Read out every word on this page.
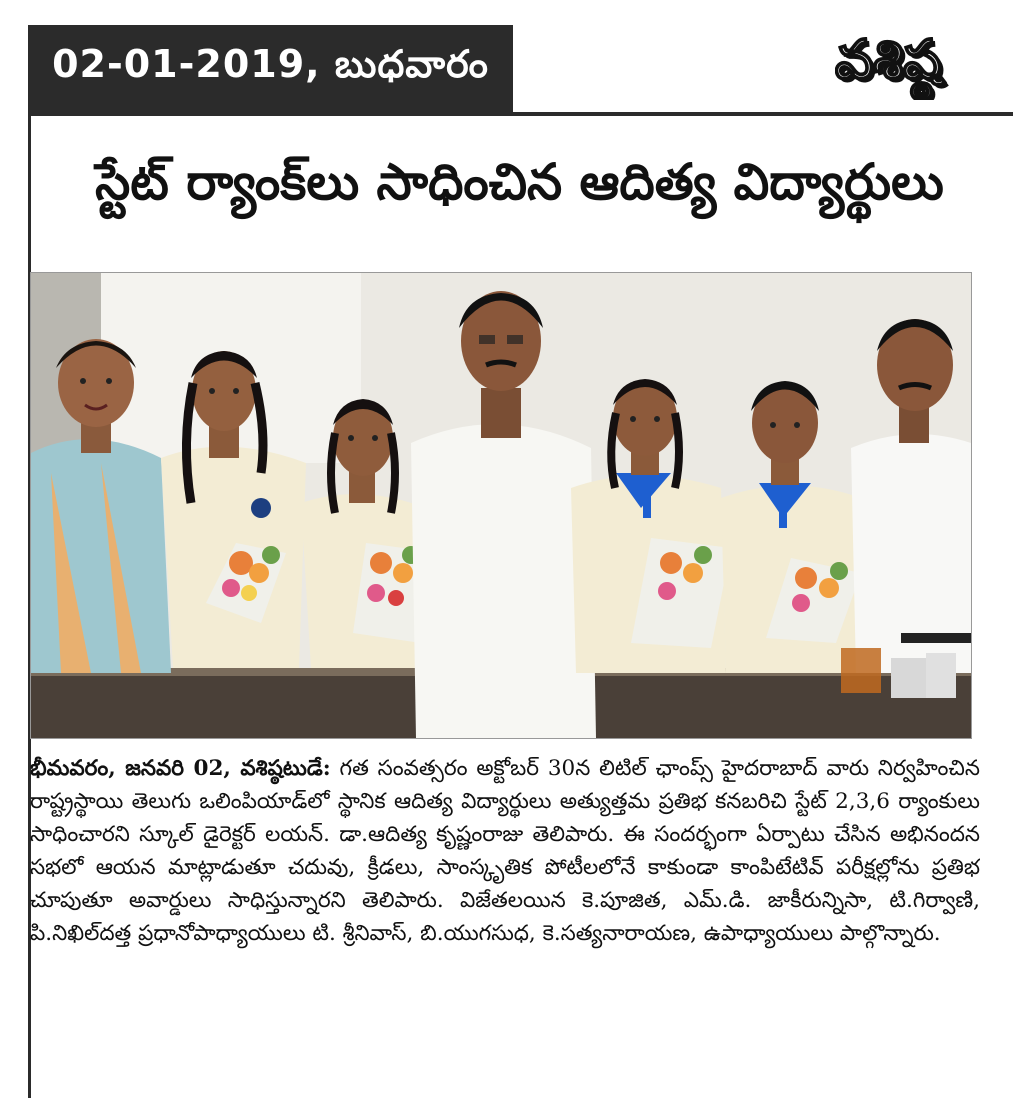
02-01-2019, బుధవారం	వశిష్ఠ
స్టేట్ ర్యాంక్‌లు సాధించిన ఆదిత్య విద్యార్థులు
భీమవరం, జనవరి 02, వశిష్ఠటుడే: గత సంవత్సరం అక్టోబర్ 30న లిటిల్ ఛాంప్స్ హైదరాబాద్ వారు నిర్వహించిన రాష్ట్రస్థాయి తెలుగు ఒలింపియాడ్‌లో స్థానిక ఆదిత్య విద్యార్థులు అత్యుత్తమ ప్రతిభ కనబరిచి స్టేట్ 2,3,6 ర్యాంకులు సాధించారని స్కూల్ డైరెక్టర్ లయన్. డా.ఆదిత్య కృష్ణంరాజు తెలిపారు. ఈ సందర్భంగా ఏర్పాటు చేసిన అభినందన సభలో ఆయన మాట్లాడుతూ చదువు, క్రీడలు, సాంస్కృతిక పోటీలలోనే కాకుండా కాంపిటేటివ్ పరీక్షల్లోను ప్రతిభ చూపుతూ అవార్డులు సాధిస్తున్నారని తెలిపారు. విజేతలయిన కె.పూజిత, ఎమ్.డి. జాకీరున్నిసా, టి.గిర్వాణి, పి.నిఖిల్‌దత్త ప్రధానోపాధ్యాయులు టి. శ్రీనివాస్, బి.యుగసుధ, కె.సత్యనారాయణ, ఉపాధ్యాయులు పాల్గొన్నారు.
